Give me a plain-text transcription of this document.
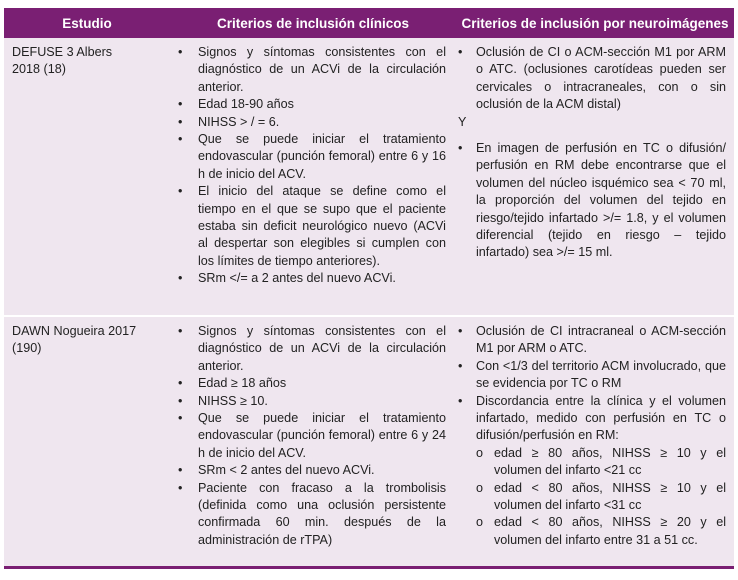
Estudio	Criterios de inclusión clínicos	Criterios de inclusión por neuroimágenes
DEFUSE 3 Albers
2018 (18)
• Signos y síntomas consistentes con el diagnóstico de un ACVi de la circulación anterior.
• Edad 18-90 años
• NIHSS > / = 6.
• Que se puede iniciar el tratamiento endovascular (punción femoral) entre 6 y 16 h de inicio del ACV.
• El inicio del ataque se define como el tiempo en el que se supo que el paciente estaba sin deficit neurológico nuevo (ACVi al despertar son elegibles si cumplen con los límites de tiempo anteriores).
• SRm </= a 2 antes del nuevo ACVi.
• Oclusión de CI o ACM-sección M1 por ARM o ATC. (oclusiones carotídeas pueden ser cervicales o intracraneales, con o sin oclusión de la ACM distal)
Y
• En imagen de perfusión en TC o difusión/ perfusión en RM debe encontrarse que el volumen del núcleo isquémico sea < 70 ml, la proporción del volumen del tejido en riesgo/tejido infartado >/= 1.8, y el volumen diferencial (tejido en riesgo – tejido infartado) sea >/= 15 ml.
DAWN Nogueira 2017
(190)
• Signos y síntomas consistentes con el diagnóstico de un ACVi de la circulación anterior.
• Edad ≥ 18 años
• NIHSS ≥ 10.
• Que se puede iniciar el tratamiento endovascular (punción femoral) entre 6 y 24 h de inicio del ACV.
• SRm < 2 antes del nuevo ACVi.
• Paciente con fracaso a la trombolisis (definida como una oclusión persistente confirmada 60 min. después de la administración de rTPA)
• Oclusión de CI intracraneal o ACM-sección M1 por ARM o ATC.
• Con <1/3 del territorio ACM involucrado, que se evidencia por TC o RM
• Discordancia entre la clínica y el volumen infartado, medido con perfusión en TC o difusión/perfusión en RM:
o edad ≥ 80 años, NIHSS ≥ 10 y el volumen del infarto <21 cc
o edad < 80 años, NIHSS ≥ 10 y el volumen del infarto <31 cc
o edad < 80 años, NIHSS ≥ 20 y el volumen del infarto entre 31 a 51 cc.
